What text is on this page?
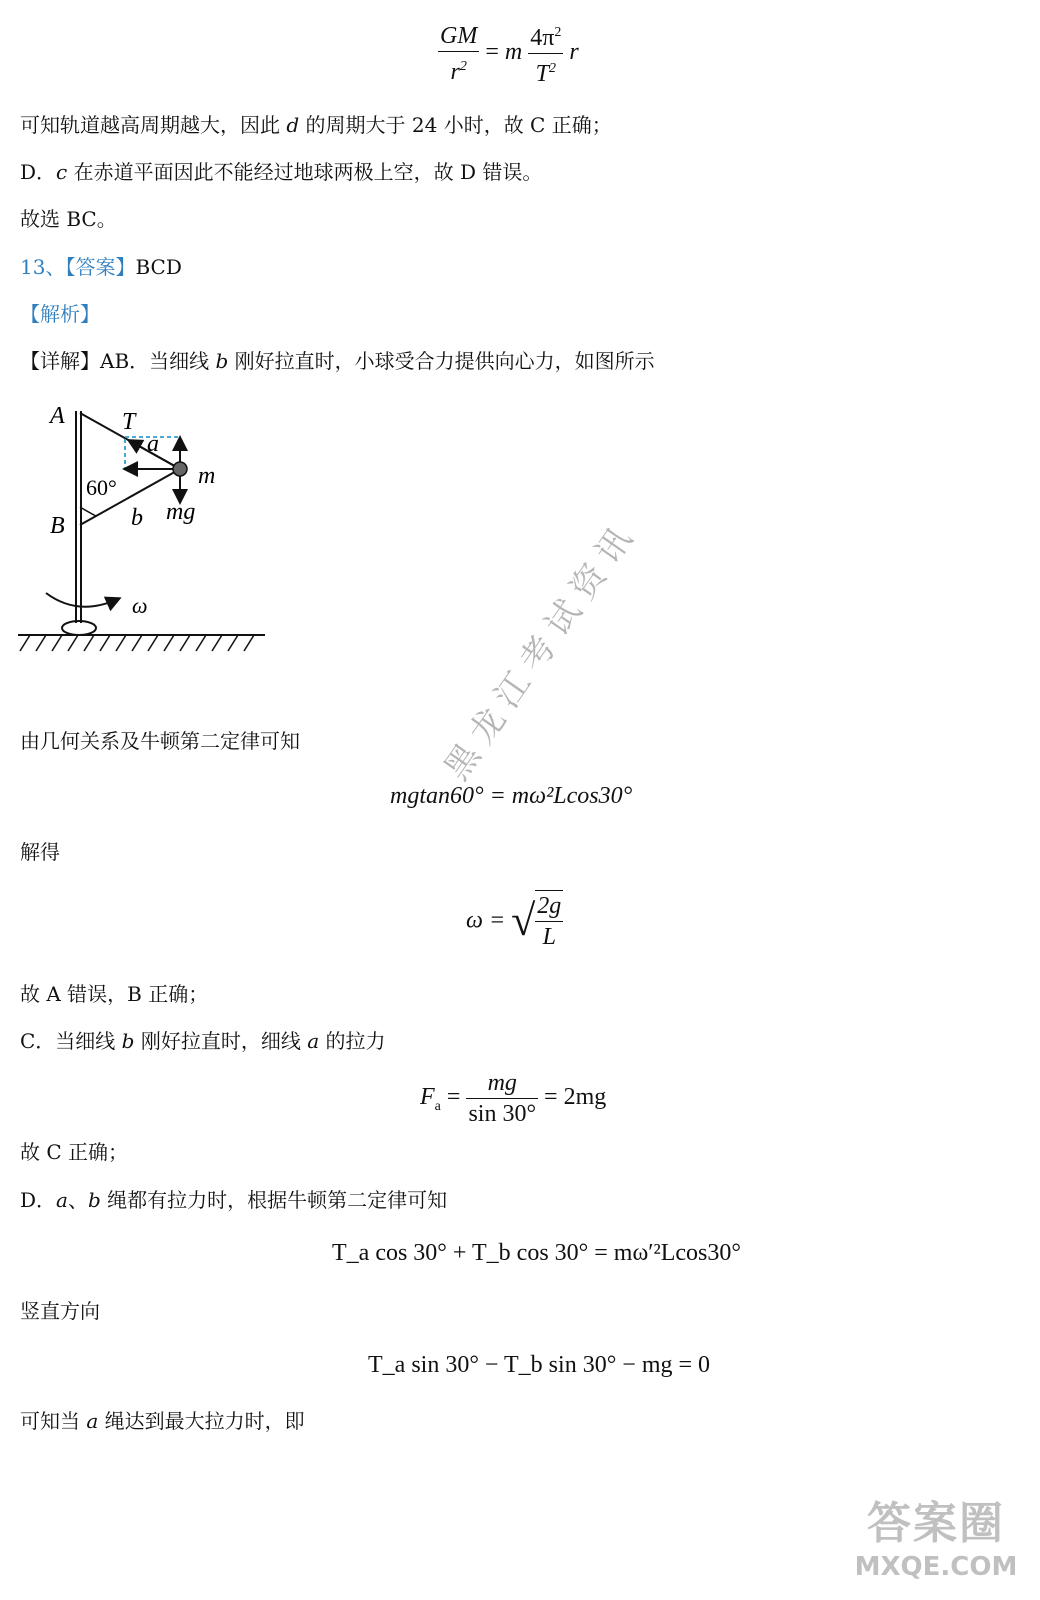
$\frac{GM}{r^2} = m \frac{4\pi^2}{T^2}$ r
可知轨道越高周期越大，因此 d 的周期大于 24 小时，故 C 正确；
D．c 在赤道平面因此不能经过地球两极上空，故 D 错误。
故选 BC。
13、【答案】BCD
【解析】
【详解】AB．当细线 b 刚好拉直时，小球受合力提供向心力，如图所示
A
B
T
a
m
mg
b
60°
ω
由几何关系及牛顿第二定律可知
mgtan60° = mω²Lcos30°
解得
ω = √ $\frac{2g}{L}$
故 A 错误，B 正确；
C．当细线 b 刚好拉直时，细线 a 的拉力
$F_a = \frac{mg}{\sin 30^\circ} = 2mg$
故 C 正确；
D．a、b 绳都有拉力时，根据牛顿第二定律可知
T_a cos 30° + T_b cos 30° = mω′²Lcos30°
竖直方向
T_a sin 30° − T_b sin 30° − mg = 0
可知当 a 绳达到最大拉力时，即
黑龙江考试资讯
答案圈
MXQE.COM
